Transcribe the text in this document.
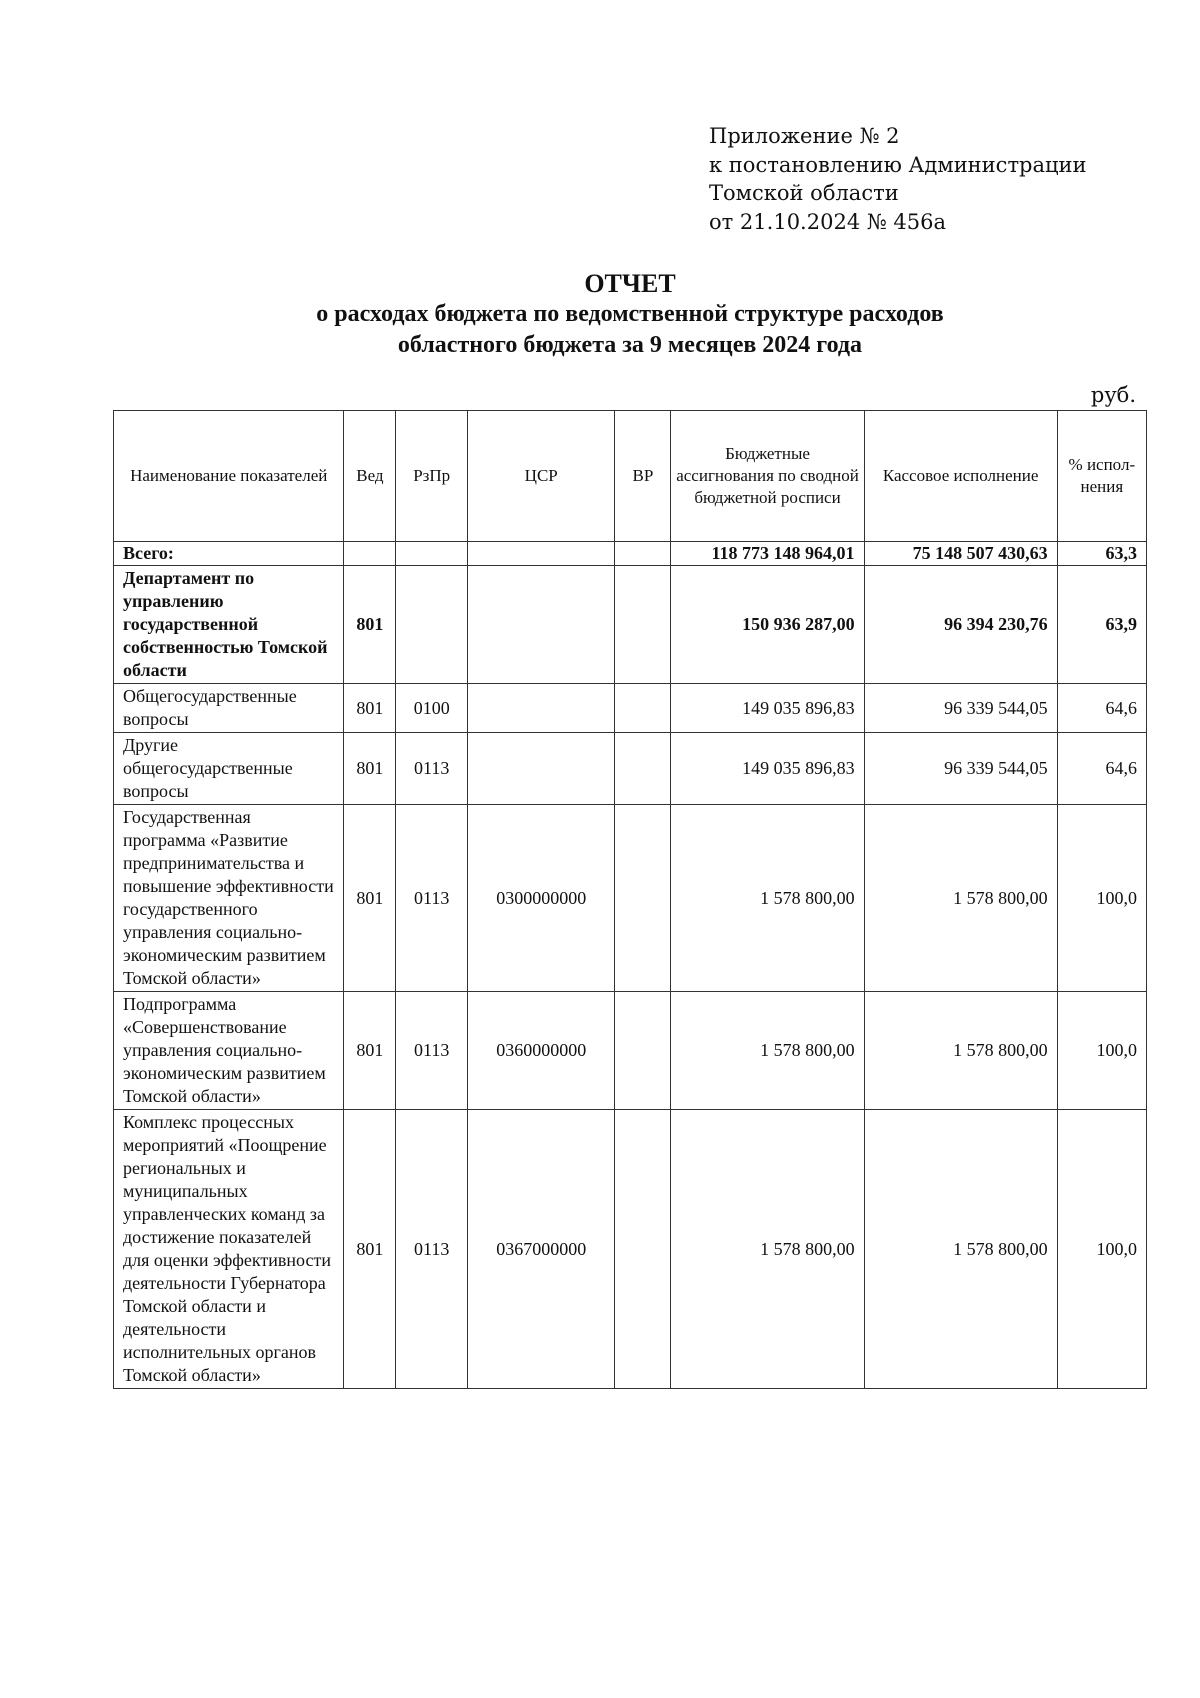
Приложение № 2
к постановлению Администрации
Томской области
от 21.10.2024 № 456а
ОТЧЕТ
о расходах бюджета по ведомственной структуре расходов
областного бюджета за 9 месяцев 2024 года
руб.
Наименование показателей	Вед	РзПр	ЦСР	ВР	Бюджетные ассигнования по сводной бюджетной росписи	Кассовое исполнение	% испол-нения
Всего:					118 773 148 964,01	75 148 507 430,63	63,3
Департамент по управлению государственной собственностью Томской области	801				150 936 287,00	96 394 230,76	63,9
Общегосударственные вопросы	801	0100			149 035 896,83	96 339 544,05	64,6
Другие общегосударственные вопросы	801	0113			149 035 896,83	96 339 544,05	64,6
Государственная программа «Развитие предпринимательства и повышение эффективности государственного управления социально-экономическим развитием Томской области»	801	0113	0300000000		1 578 800,00	1 578 800,00	100,0
Подпрограмма «Совершенствование управления социально-экономическим развитием Томской области»	801	0113	0360000000		1 578 800,00	1 578 800,00	100,0
Комплекс процессных мероприятий «Поощрение региональных и муниципальных управленческих команд за достижение показателей для оценки эффективности деятельности Губернатора Томской области и деятельности исполнительных органов Томской области»	801	0113	0367000000		1 578 800,00	1 578 800,00	100,0
